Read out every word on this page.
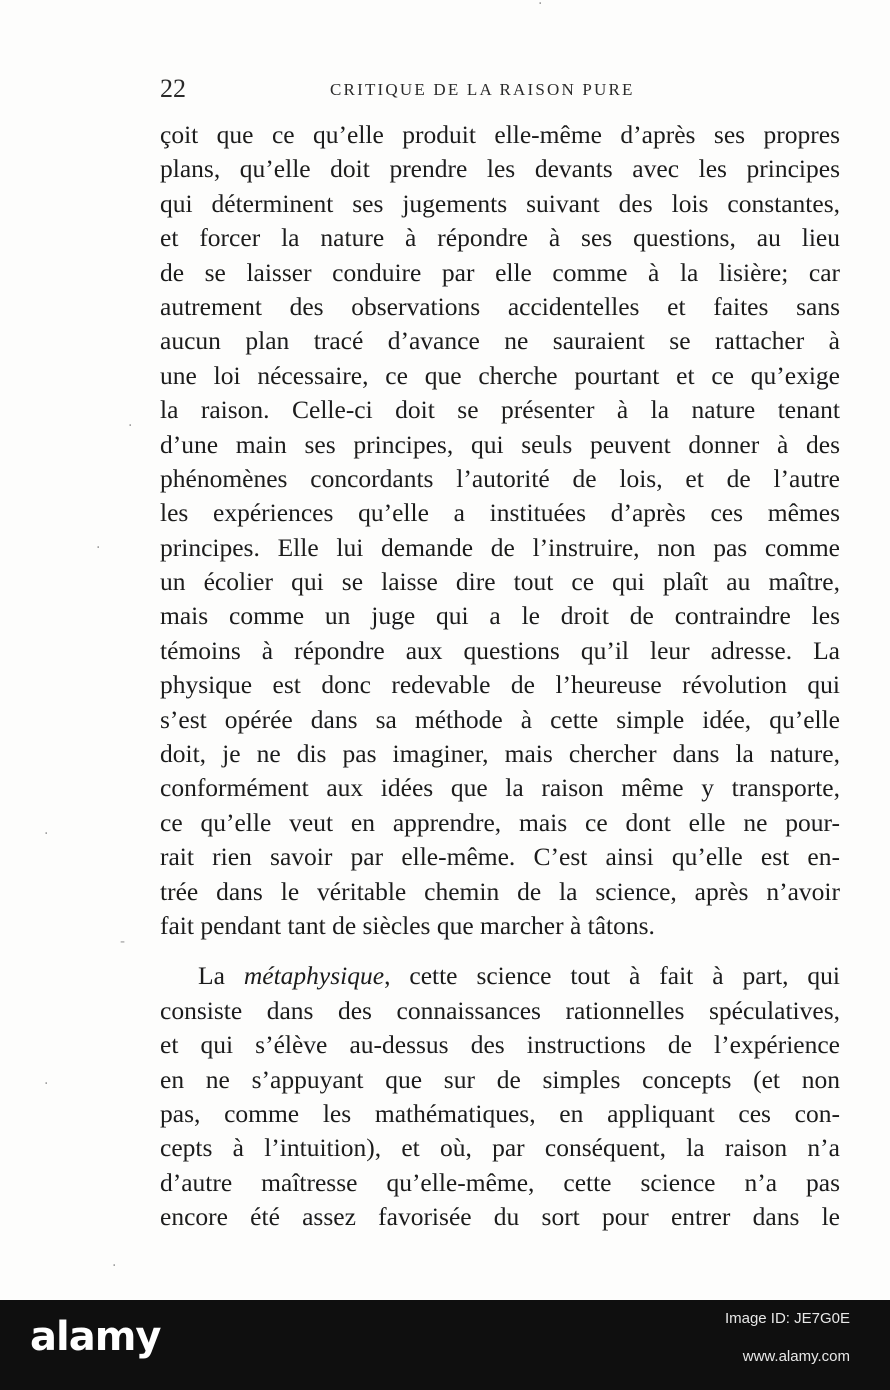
22	CRITIQUE DE LA RAISON PURE
çoit que ce qu’elle produit elle-même d’après ses propres
plans, qu’elle doit prendre les devants avec les principes
qui déterminent ses jugements suivant des lois constantes,
et forcer la nature à répondre à ses questions, au lieu
de se laisser conduire par elle comme à la lisière; car
autrement des observations accidentelles et faites sans
aucun plan tracé d’avance ne sauraient se rattacher à
une loi nécessaire, ce que cherche pourtant et ce qu’exige
la raison. Celle-ci doit se présenter à la nature tenant
d’une main ses principes, qui seuls peuvent donner à des
phénomènes concordants l’autorité de lois, et de l’autre
les expériences qu’elle a instituées d’après ces mêmes
principes. Elle lui demande de l’instruire, non pas comme
un écolier qui se laisse dire tout ce qui plaît au maître,
mais comme un juge qui a le droit de contraindre les
témoins à répondre aux questions qu’il leur adresse. La
physique est donc redevable de l’heureuse révolution qui
s’est opérée dans sa méthode à cette simple idée, qu’elle
doit, je ne dis pas imaginer, mais chercher dans la nature,
conformément aux idées que la raison même y transporte,
ce qu’elle veut en apprendre, mais ce dont elle ne pour-
rait rien savoir par elle-même. C’est ainsi qu’elle est en-
trée dans le véritable chemin de la science, après n’avoir
fait pendant tant de siècles que marcher à tâtons.
La métaphysique, cette science tout à fait à part, qui
consiste dans des connaissances rationnelles spéculatives,
et qui s’élève au-dessus des instructions de l’expérience
en ne s’appuyant que sur de simples concepts (et non
pas, comme les mathématiques, en appliquant ces con-
cepts à l’intuition), et où, par conséquent, la raison n’a
d’autre maîtresse qu’elle-même, cette science n’a pas
encore été assez favorisée du sort pour entrer dans le
·
·
·
·
·
-
·
alamy	Image ID: JE7G0E
www.alamy.com
